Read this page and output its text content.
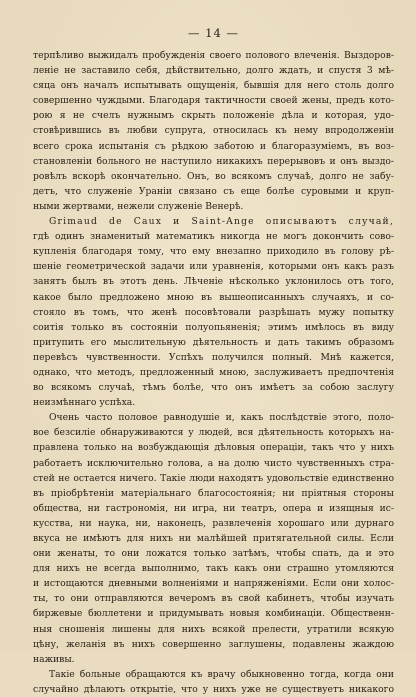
— 14 —
терпѣливо выжидалъ пробужденія своего полового влеченія. Выздоров-
леніе не заставило себя, дѣйствительно, долго ждать, и спустя 3 мѣ-
сяца онъ началъ испытывать ощущенія, бывшія для него столь долго
совершенно чуждыми. Благодаря тактичности своей жены, предъ кото-
рою я не счелъ нужнымъ скрыть положеніе дѣла и которая, удо-
стовѣрившись въ любви супруга, относилась къ нему впродолженіи
всего срока испытанія съ рѣдкою заботою и благоразуміемъ, въ воз-
становленіи больного не наступило никакихъ перерывовъ и онъ выздо-
ровѣлъ вскорѣ окончательно. Онъ, во всякомъ случаѣ, долго не забу-
детъ, что служеніе Ураніи связано съ еще болѣе суровыми и круп-
ными жертвами, нежели служеніе Венерѣ.
Grimaud de Caux и Saint-Ange описываютъ случай,
гдѣ одинъ знаменитый математикъ никогда не могъ докончить сово-
купленія благодаря тому, что ему внезапно приходило въ голову рѣ-
шеніе геометрической задачи или уравненія, которыми онъ какъ разъ
занятъ былъ въ этотъ день. Лѣченіе нѣсколько уклонилось отъ того,
какое было предложено мною въ вышеописанныхъ случаяхъ, и со-
стояло въ томъ, что женѣ посовѣтовали разрѣшать мужу попытку
соитія только въ состояніи полуопьяненія; этимъ имѣлось въ виду
притупить его мыслительную дѣятельность и дать такимъ образомъ
перевѣсъ чувственности. Успѣхъ получился полный. Мнѣ кажется,
однако, что методъ, предложенный мною, заслуживаетъ предпочтенія
во всякомъ случаѣ, тѣмъ болѣе, что онъ имѣетъ за собою заслугу
неизмѣннаго успѣха.
Очень часто половое равнодушіе и, какъ послѣдствіе этого, поло-
вое безсиліе обнаруживаются у людей, вся дѣятельность которыхъ на-
правлена только на возбуждающія дѣловыя операціи, такъ что у нихъ
работаетъ исключительно голова, а на долю чисто чувственныхъ стра-
стей не остается ничего. Такіе люди находятъ удовольствіе единственно
въ пріобрѣтеніи матеріальнаго благосостоянія; ни пріятныя стороны
общества, ни гастрономія, ни игра, ни театръ, опера и изящныя ис-
кусства, ни наука, ни, наконецъ, развлеченія хорошаго или дурнаго
вкуса не имѣютъ для нихъ ни малѣйшей притягательной силы. Если
они женаты, то они ложатся только затѣмъ, чтобы спать, да и это
для нихъ не всегда выполнимо, такъ какъ они страшно утомляются
и истощаются дневными волненіями и напряженіями. Если они холос-
ты, то они отправляются вечеромъ въ свой кабинетъ, чтобы изучать
биржевые бюллетени и придумывать новыя комбинаціи. Общественн-
ныя сношенія лишены для нихъ всякой прелести, утратили всякую
цѣну, желанія въ нихъ совершенно заглушены, подавлены жаждою
наживы.
Такіе больные обращаются къ врачу обыкновенно тогда, когда они
случайно дѣлаютъ открытіе, что у нихъ уже не существуетъ никакого
